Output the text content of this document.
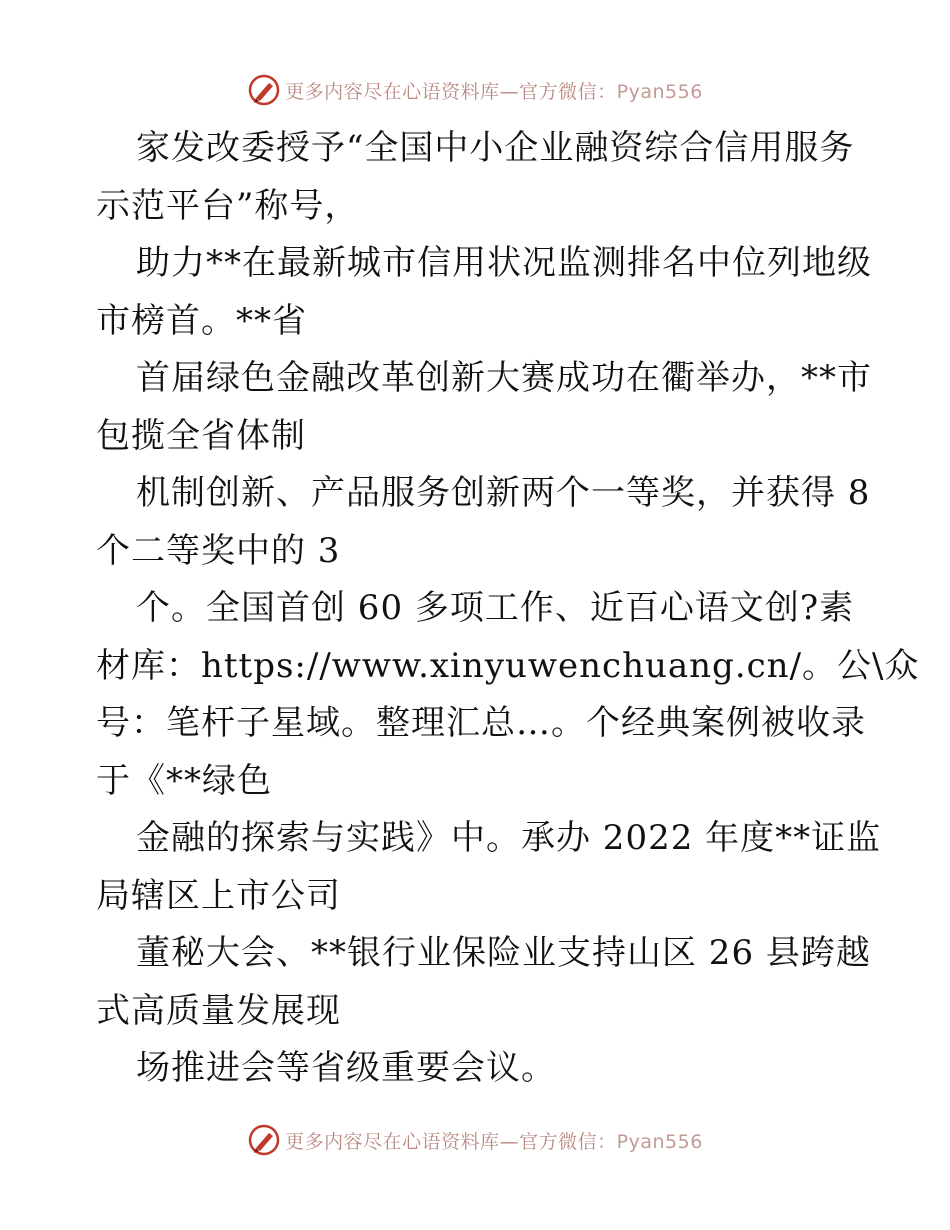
更多内容尽在心语资料库—官方微信：Pyan556
家发改委授予“全国中小企业融资综合信用服务
示范平台”称号，
助力**在最新城市信用状况监测排名中位列地级
市榜首。**省
首届绿色金融改革创新大赛成功在衢举办，**市
包揽全省体制
机制创新、产品服务创新两个一等奖，并获得 8
个二等奖中的 3
个。全国首创 60 多项工作、近百心语文创?素
材库：https://www.xinyuwenchuang.cn/。公\众
号：笔杆子星域。整理汇总…。个经典案例被收录
于《**绿色
金融的探索与实践》中。承办 2022 年度**证监
局辖区上市公司
董秘大会、**银行业保险业支持山区 26 县跨越
式高质量发展现
场推进会等省级重要会议。
更多内容尽在心语资料库—官方微信：Pyan556
